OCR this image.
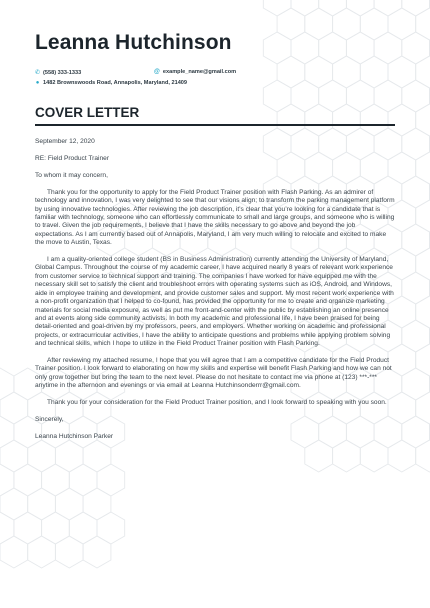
Leanna Hutchinson
✆ (558) 333-1333	@ example_name@gmail.com
● 1482 Brownswoods Road, Annapolis, Maryland, 21409
COVER LETTER

September 12, 2020

RE: Field Product Trainer

To whom it may concern,

Thank you for the opportunity to apply for the Field Product Trainer position with Flash Parking. As an admirer of technology and innovation, I was very delighted to see that our visions align; to transform the parking management platform by using innovative technologies. After reviewing the job description, it’s clear that you’re looking for a candidate that is familiar with technology, someone who can effortlessly communicate to small and large groups, and someone who is willing to travel. Given the job requirements, I believe that I have the skills necessary to go above and beyond the job expectations. As I am currently based out of Annapolis, Maryland, I am very much willing to relocate and excited to make the move to Austin, Texas.

I am a quality-oriented college student (BS in Business Administration) currently attending the University of Maryland, Global Campus. Throughout the course of my academic career, I have acquired nearly 8 years of relevant work experience from customer service to technical support and training. The companies I have worked for have equipped me with the necessary skill set to satisfy the client and troubleshoot errors with operating systems such as iOS, Android, and Windows, aide in employee training and development, and provide customer sales and support. My most recent work experience with a non-profit organization that I helped to co-found, has provided the opportunity for me to create and organize marketing materials for social media exposure, as well as put me front-and-center with the public by establishing an online presence and at events along side community activists. In both my academic and professional life, I have been praised for being detail-oriented and goal-driven by my professors, peers, and employers. Whether working on academic and professional projects, or extracurricular activities, I have the ability to anticipate questions and problems while applying problem solving and technical skills, which I hope to utilize in the Field Product Trainer position with Flash Parking.

After reviewing my attached resume, I hope that you will agree that I am a competitive candidate for the Field Product Trainer position. I look forward to elaborating on how my skills and expertise will benefit Flash Parking and how we can not only grow together but bring the team to the next level. Please do not hesitate to contact me via phone at (123) ***-*** anytime in the afternoon and evenings or via email at Leanna Hutchinsonderrr@gmail.com.

Thank you for your consideration for the Field Product Trainer position, and I look forward to speaking with you soon.

Sincerely,

Leanna Hutchinson Parker
